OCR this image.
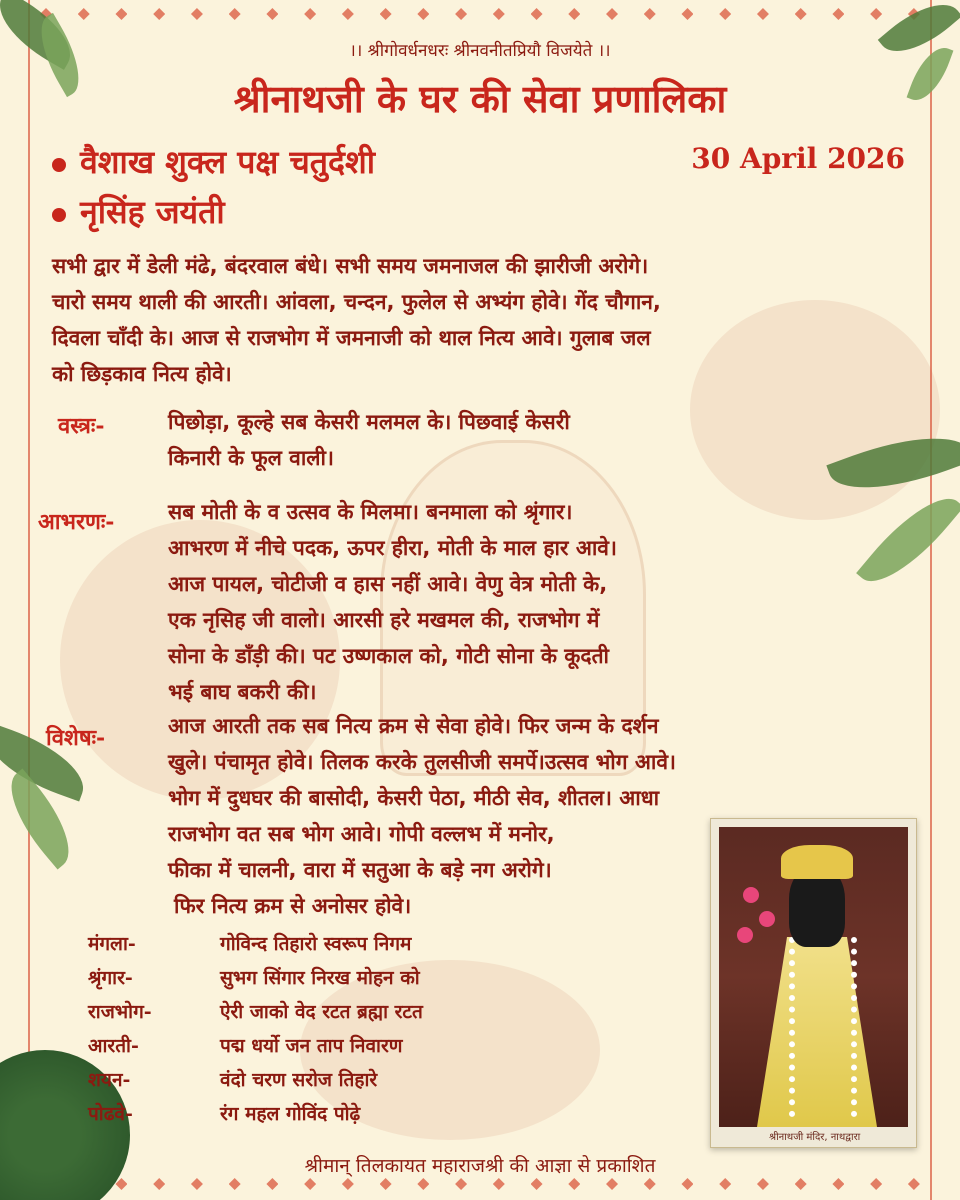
।। श्रीगोवर्धनधरः श्रीनवनीतप्रियौ विजयेते ।।
श्रीनाथजी के घर की सेवा प्रणालिका
वैशाख शुक्ल पक्ष चतुर्दशी	30 April 2026
नृसिंह जयंती
सभी द्वार में डेली मंढे, बंदरवाल बंधे। सभी समय जमनाजल की झारीजी अरोगे।
चारो समय थाली की आरती। आंवला, चन्दन, फुलेल से अभ्यंग होवे। गेंद चौगान,
दिवला चाँदी के। आज से राजभोग में जमनाजी को थाल नित्य आवे। गुलाब जल
को छिड़काव नित्य होवे।
वस्त्रः-	पिछोड़ा, कूल्हे सब केसरी मलमल के। पिछवाई केसरी
किनारी के फूल वाली।
आभरणः-	सब मोती के व उत्सव के मिलमा। बनमाला को श्रृंगार।
आभरण में नीचे पदक, ऊपर हीरा, मोती के माल हार आवे।
आज पायल, चोटीजी व हास नहीं आवे। वेणु वेत्र मोती के,
एक नृसिह जी वालो। आरसी हरे मखमल की, राजभोग में
सोना के डाँड़ी की। पट उष्णकाल को, गोटी सोना के कूदती
भई बाघ बकरी की।
विशेषः-	आज आरती तक सब नित्य क्रम से सेवा होवे। फिर जन्म के दर्शन
खुले। पंचामृत होवे। तिलक करके तुलसीजी समर्पे।उत्सव भोग आवे।
भोग में दुधघर की बासोदी, केसरी पेठा, मीठी सेव, शीतल। आधा
राजभोग वत सब भोग आवे। गोपी वल्लभ में मनोर,
फीका में चालनी, वारा में सतुआ के बड़े नग अरोगे।
फिर नित्य क्रम से अनोसर होवे।
मंगला-	गोविन्द तिहारो स्वरूप निगम
श्रृंगार-	सुभग सिंगार निरख मोहन को
राजभोग-	ऐरी जाको वेद रटत ब्रह्मा रटत
आरती-	पद्म धर्यो जन ताप निवारण
शयन-	वंदो चरण सरोज तिहारे
पोढवे-	रंग महल गोविंद पोढ़े
श्रीनाथजी मंदिर, नाथद्वारा
श्रीमान् तिलकायत महाराजश्री की आज्ञा से प्रकाशित
